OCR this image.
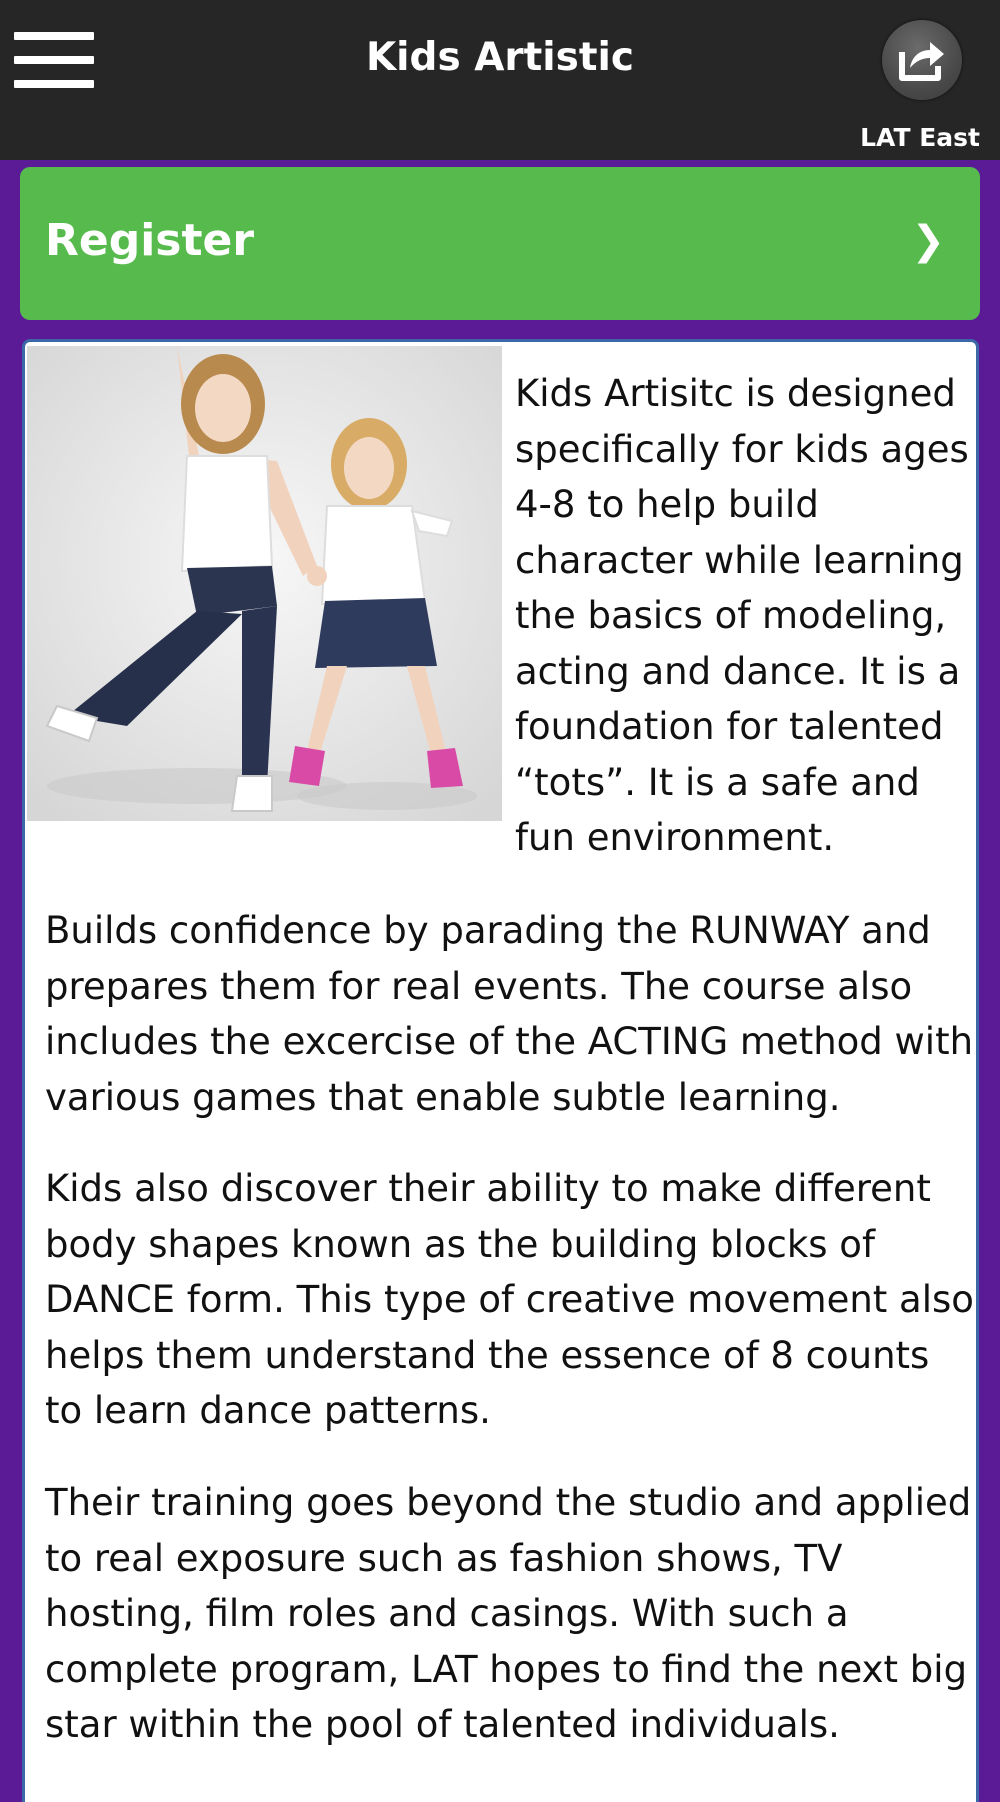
Kids Artistic
LAT East
Register	❯

Kids Artisitc is designed specifically for kids ages 4-8 to help build character while learning the basics of modeling, acting and dance. It is a foundation for talented “tots”. It is a safe and fun environment.

Builds confidence by parading the RUNWAY and prepares them for real events. The course also includes the excercise of the ACTING method with various games that enable subtle learning.

Kids also discover their ability to make different body shapes known as the building blocks of DANCE form. This type of creative movement also helps them understand the essence of 8 counts to learn dance patterns.

Their training goes beyond the studio and applied to real exposure such as fashion shows, TV hosting, film roles and casings. With such a complete program, LAT hopes to find the next big star within the pool of talented individuals.
